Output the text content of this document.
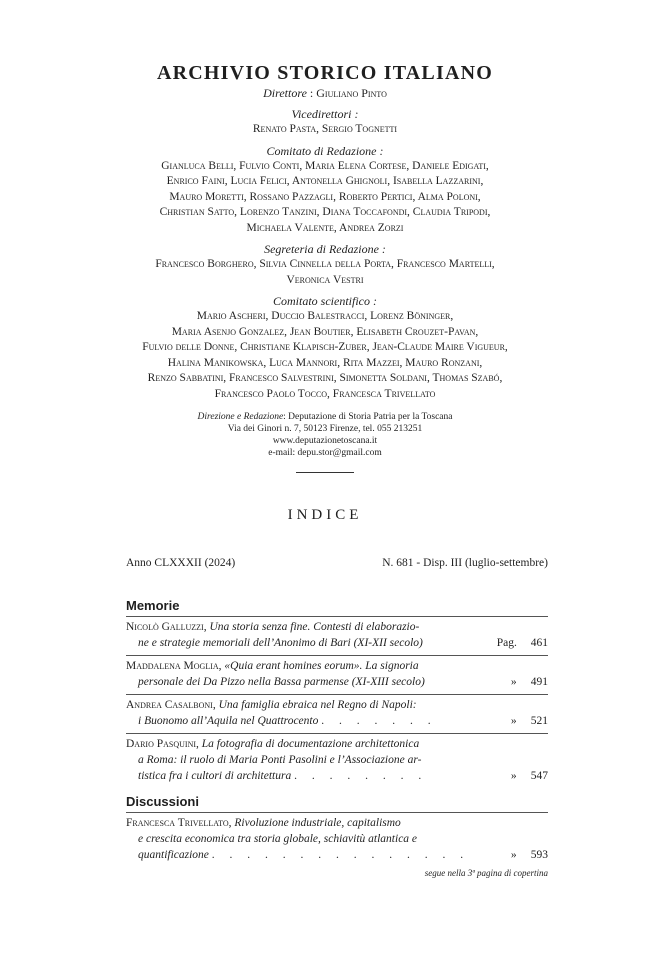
ARCHIVIO STORICO ITALIANO
Direttore : Giuliano Pinto
Vicedirettori :
Renato Pasta, Sergio Tognetti
Comitato di Redazione :
Gianluca Belli, Fulvio Conti, Maria Elena Cortese, Daniele Edigati,
Enrico Faini, Lucia Felici, Antonella Ghignoli, Isabella Lazzarini,
Mauro Moretti, Rossano Pazzagli, Roberto Pertici, Alma Poloni,
Christian Satto, Lorenzo Tanzini, Diana Toccafondi, Claudia Tripodi,
Michaela Valente, Andrea Zorzi
Segreteria di Redazione :
Francesco Borghero, Silvia Cinnella della Porta, Francesco Martelli,
Veronica Vestri
Comitato scientifico :
Mario Ascheri, Duccio Balestracci, Lorenz Böninger,
Maria Asenjo Gonzalez, Jean Boutier, Elisabeth Crouzet-Pavan,
Fulvio delle Donne, Christiane Klapisch-Zuber, Jean-Claude Maire Vigueur,
Halina Manikowska, Luca Mannori, Rita Mazzei, Mauro Ronzani,
Renzo Sabbatini, Francesco Salvestrini, Simonetta Soldani, Thomas Szabó,
Francesco Paolo Tocco, Francesca Trivellato
Direzione e Redazione: Deputazione di Storia Patria per la Toscana
Via dei Ginori n. 7, 50123 Firenze, tel. 055 213251
www.deputazionetoscana.it
e-mail: depu.stor@gmail.com
INDICE
Anno CLXXXII (2024)	N. 681 - Disp. III (luglio-settembre)
Memorie
Nicolò Galluzzi, Una storia senza fine. Contesti di elaborazio-
ne e strategie memoriali dell’Anonimo di Bari (XI-XII secolo)	Pag. 461
Maddalena Moglia, «Quia erant homines eorum». La signoria
personale dei Da Pizzo nella Bassa parmense (XI-XIII secolo)	» 491
Andrea Casalboni, Una famiglia ebraica nel Regno di Napoli:
i Buonomo all’Aquila nel Quattrocento . . . . . . .	» 521
Dario Pasquini, La fotografia di documentazione architettonica
a Roma: il ruolo di Maria Ponti Pasolini e l’Associazione ar-
tistica fra i cultori di architettura . . . . . . . .	» 547
Discussioni
Francesca Trivellato, Rivoluzione industriale, capitalismo
e crescita economica tra storia globale, schiavitù atlantica e
quantificazione . . . . . . . . . . . . . . .	» 593
segue nella 3ª pagina di copertina
